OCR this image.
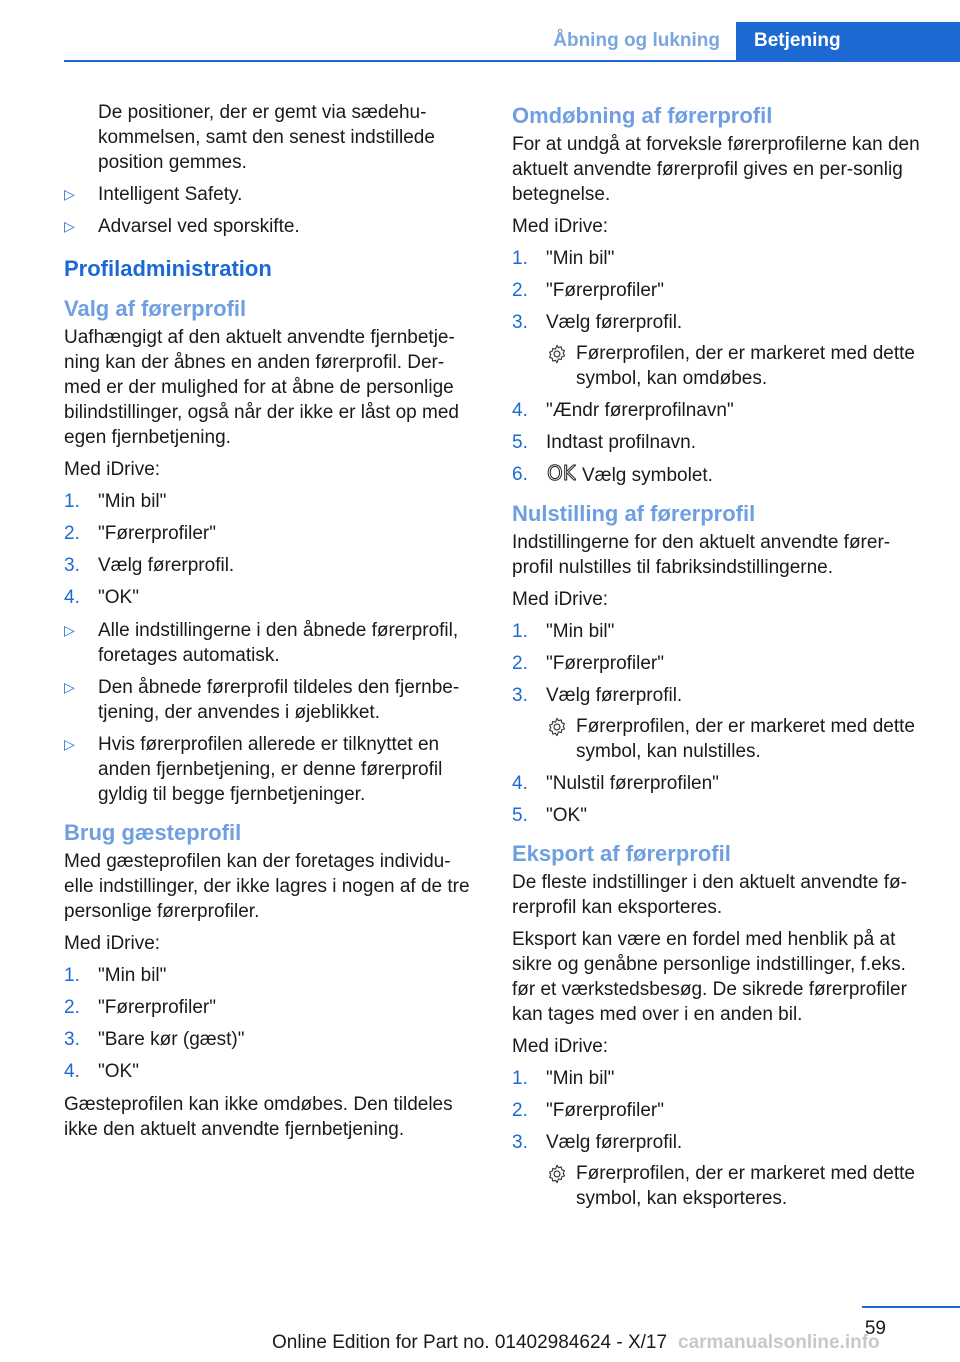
Åbning og lukning	Betjening

De positioner, der er gemt via sædehu-kommelsen, samt den senest indstillede position gemmes.

▷ Intelligent Safety.
▷ Advarsel ved sporskifte.
Profiladministration
Valg af førerprofil

Uafhængigt af den aktuelt anvendte fjernbetje-ning kan der åbnes en anden førerprofil. Der-med er der mulighed for at åbne de personlige bilindstillinger, også når der ikke er låst op med egen fjernbetjening.

Med iDrive:

1. "Min bil"
2. "Førerprofiler"
3. Vælg førerprofil.
4. "OK"
▷ Alle indstillingerne i den åbnede førerprofil, foretages automatisk.
▷ Den åbnede førerprofil tildeles den fjernbe-tjening, der anvendes i øjeblikket.
▷ Hvis førerprofilen allerede er tilknyttet en anden fjernbetjening, er denne førerprofil gyldig til begge fjernbetjeninger.
Brug gæsteprofil

Med gæsteprofilen kan der foretages individu-elle indstillinger, der ikke lagres i nogen af de tre personlige førerprofiler.

Med iDrive:

1. "Min bil"
2. "Førerprofiler"
3. "Bare kør (gæst)"
4. "OK"

Gæsteprofilen kan ikke omdøbes. Den tildeles ikke den aktuelt anvendte fjernbetjening.

Omdøbning af førerprofil

For at undgå at forveksle førerprofilerne kan den aktuelt anvendte førerprofil gives en per-sonlig betegnelse.

Med iDrive:

1. "Min bil"
2. "Førerprofiler"
3. Vælg førerprofil.
Førerprofilen, der er markeret med dette symbol, kan omdøbes.
4. "Ændr førerprofilnavn"
5. Indtast profilnavn.
6. OK Vælg symbolet.
Nulstilling af førerprofil

Indstillingerne for den aktuelt anvendte fører-profil nulstilles til fabriksindstillingerne.

Med iDrive:

1. "Min bil"
2. "Førerprofiler"
3. Vælg førerprofil.
Førerprofilen, der er markeret med dette symbol, kan nulstilles.
4. "Nulstil førerprofilen"
5. "OK"
Eksport af førerprofil

De fleste indstillinger i den aktuelt anvendte fø-rerprofil kan eksporteres.

Eksport kan være en fordel med henblik på at sikre og genåbne personlige indstillinger, f.eks. før et værkstedsbesøg. De sikrede førerprofiler kan tages med over i en anden bil.

Med iDrive:

1. "Min bil"
2. "Førerprofiler"
3. Vælg førerprofil.
Førerprofilen, der er markeret med dette symbol, kan eksporteres.
59
Online Edition for Part no. 01402984624 - X/17 carmanualsonline.info
